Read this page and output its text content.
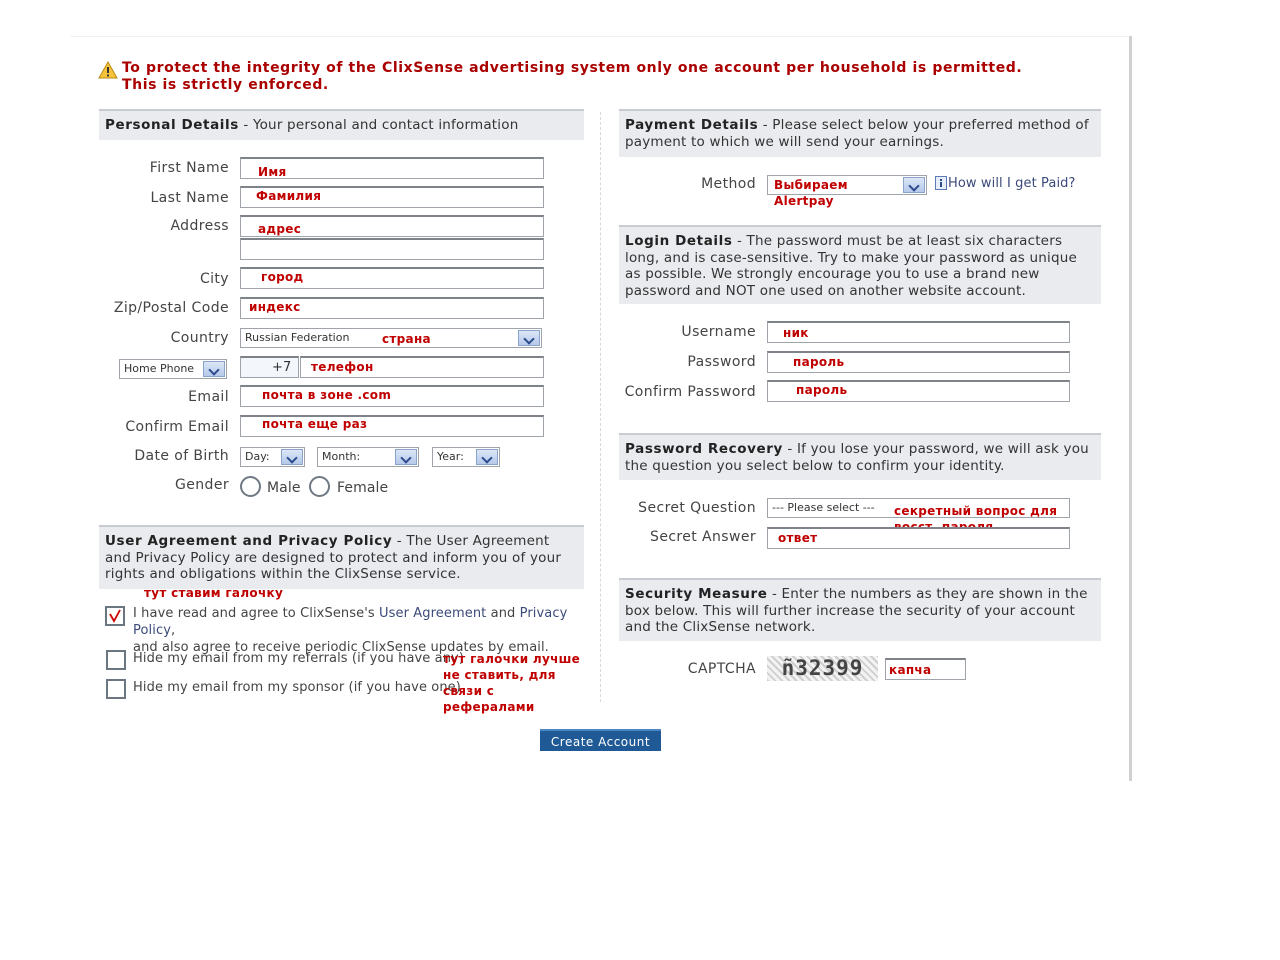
To protect the integrity of the ClixSense advertising system only one account per household is permitted. This is strictly enforced.
Personal Details - Your personal and contact information
First Name Имя
Last Name Фамилия
Address адрес
City	город
Zip/Postal Code индекс
Country	Russian Federation	страна
Home Phone	+7 телефон
Email	почта в зоне .com
Confirm Email	почта еще раз
Date of Birth	Day:	Month:	Year:
Gender	Male	Female
User Agreement and Privacy Policy - The User Agreement and Privacy Policy are designed to protect and inform you of your rights and obligations within the ClixSense service.
тут ставим галочку
I have read and agree to ClixSense's User Agreement and Privacy Policy,
and also agree to receive periodic ClixSense updates by email.
Hide my email from my referrals (if you have any)
Hide my email from my sponsor (if you have one)
тут галочки лучше не ставить, для связи с рефералами
Payment Details - Please select below your preferred method of payment to which we will send your earnings.
Method Выбираем Alertpay
How will I get Paid?
Login Details - The password must be at least six characters long, and is case-sensitive. Try to make your password as unique as possible. We strongly encourage you to use a brand new password and NOT one used on another website account.
Username ник
Password	пароль
Confirm Password	пароль
Password Recovery - If you lose your password, we will ask you the question you select below to confirm your identity.
Secret Question	--- Please select ---	секретный вопрос для
Secret Answer ответ
Security Measure - Enter the numbers as they are shown in the box below. This will further increase the security of your account and the ClixSense network.
CAPTCHA	ñ32399	капча
Create Account
